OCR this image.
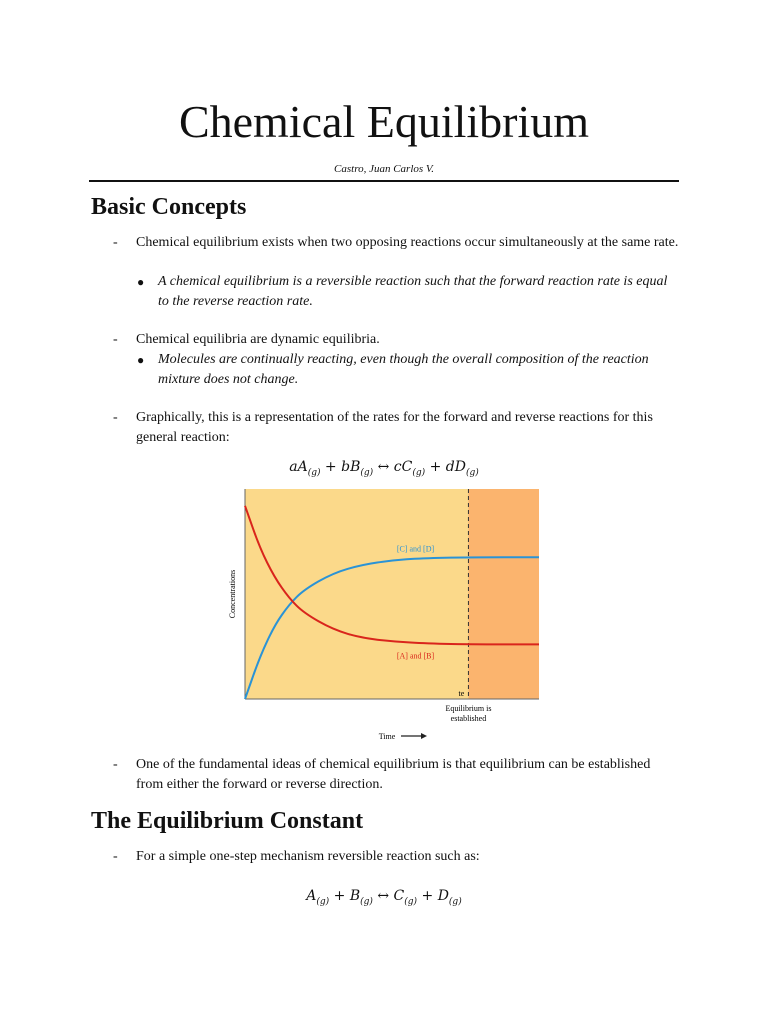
Chemical Equilibrium
Castro, Juan Carlos V.
Basic Concepts
- Chemical equilibrium exists when two opposing reactions occur simultaneously at the same rate.
● A chemical equilibrium is a reversible reaction such that the forward reaction rate is equal to the reverse reaction rate.
- Chemical equilibria are dynamic equilibria.
● Molecules are continually reacting, even though the overall composition of the reaction mixture does not change.
- Graphically, this is a representation of the rates for the forward and reverse reactions for this general reaction:
$aA_{(g)} + bB_{(g)}$ ↔ $cC_{(g)} + dD_{(g)}$
[C] and [D]
[A] and [B]
Concentrations
te
Equilibrium is established
Time
- One of the fundamental ideas of chemical equilibrium is that equilibrium can be established from either the forward or reverse direction.
The Equilibrium Constant
- For a simple one-step mechanism reversible reaction such as:
$A_{(g)} + B_{(g)}$ ↔ $C_{(g)} + D_{(g)}$
